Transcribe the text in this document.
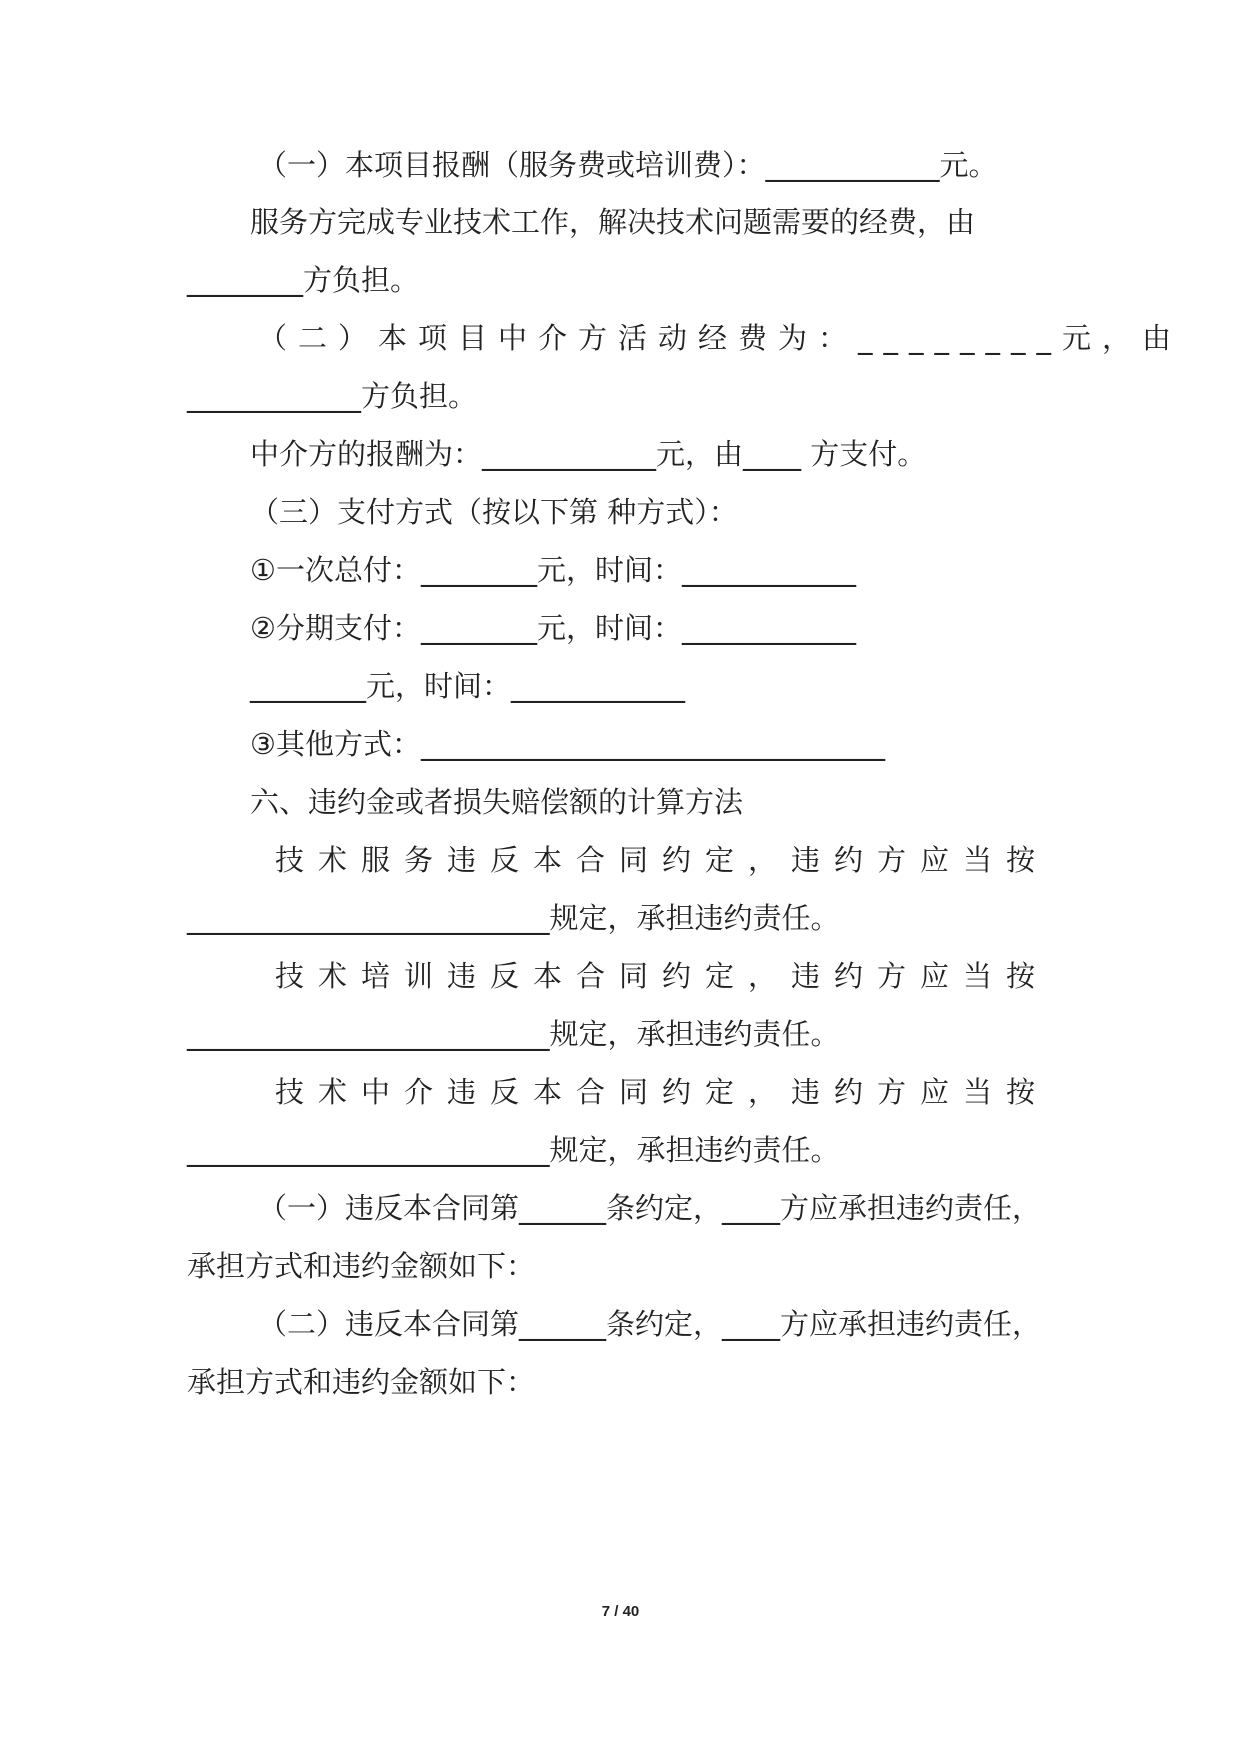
（一）本项目报酬（服务费或培训费）：____________元。

服务方完成专业技术工作，解决技术问题需要的经费，由

________方负担。

（二）本项目中介方活动经费为：________元，由

____________方负担。

中介方的报酬为：____________元，由____ 方支付。

（三）支付方式（按以下第 种方式）：

①一次总付：________元，时间：____________

②分期支付：________元，时间：____________

________元，时间：____________

③其他方式：________________________________

六、违约金或者损失赔偿额的计算方法

技术服务违反本合同约定，违约方应当按

_________________________规定，承担违约责任。

技术培训违反本合同约定，违约方应当按

_________________________规定，承担违约责任。

技术中介违反本合同约定，违约方应当按

_________________________规定，承担违约责任。

（一）违反本合同第______条约定，____方应承担违约责任，

承担方式和违约金额如下：

（二）违反本合同第______条约定，____方应承担违约责任，

承担方式和违约金额如下：

7 / 40
